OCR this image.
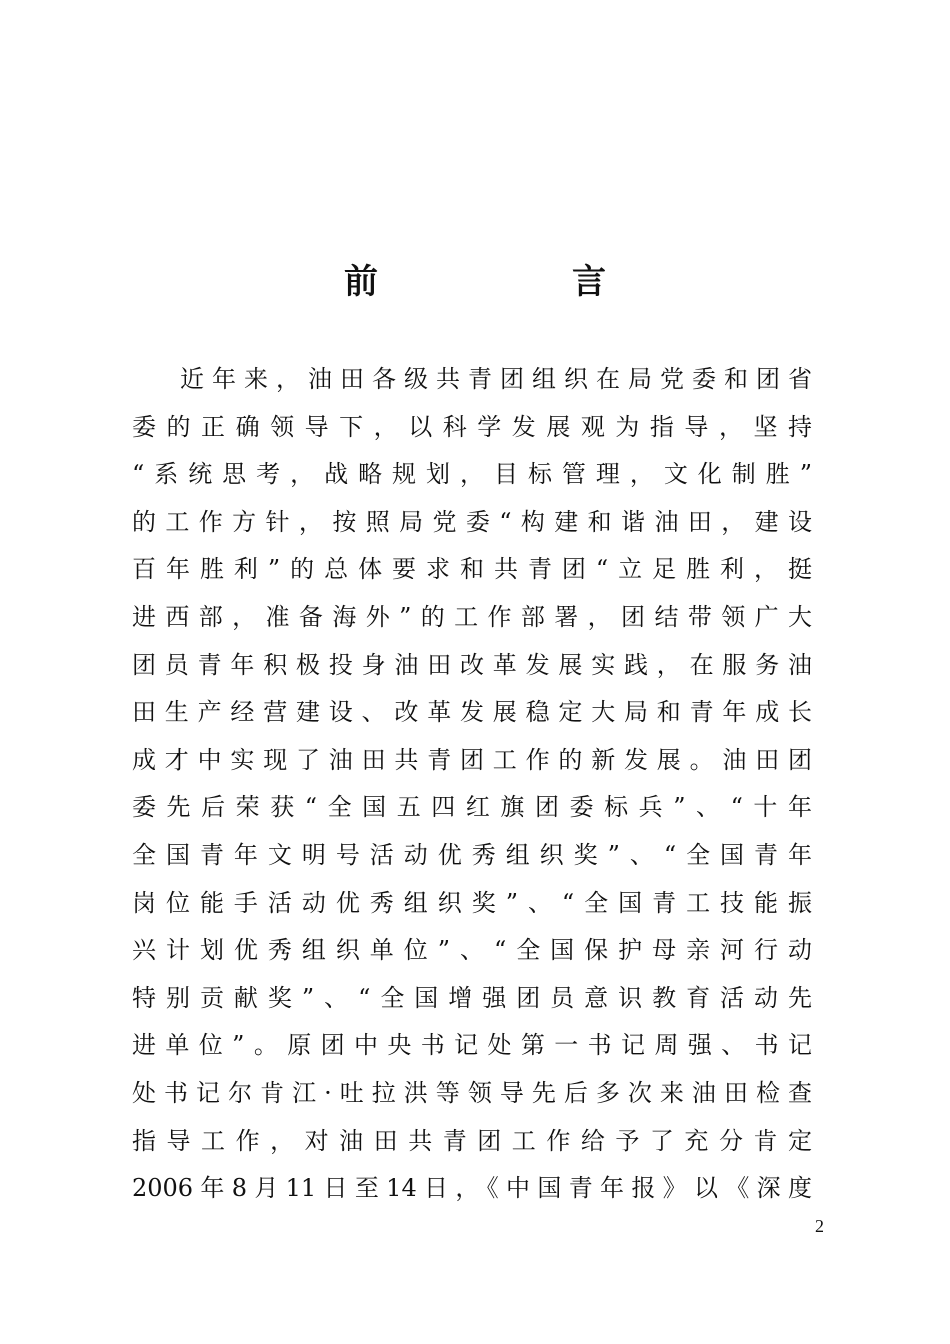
前　言
近年来，油田各级共青团组织在局党委和团省
委的正确领导下，以科学发展观为指导，坚持
“系统思考，战略规划，目标管理，文化制胜”
的工作方针，按照局党委“构建和谐油田，建设
百年胜利”的总体要求和共青团“立足胜利，挺
进西部，准备海外”的工作部署，团结带领广大
团员青年积极投身油田改革发展实践，在服务油
田生产经营建设、改革发展稳定大局和青年成长
成才中实现了油田共青团工作的新发展。油田团
委先后荣获“全国五四红旗团委标兵”、“十年
全国青年文明号活动优秀组织奖”、“全国青年
岗位能手活动优秀组织奖”、“全国青工技能振
兴计划优秀组织单位”、“全国保护母亲河行动
特别贡献奖”、“全国增强团员意识教育活动先
进单位”。原团中央书记处第一书记周强、书记
处书记尔肯江·吐拉洪等领导先后多次来油田检查
指导工作，对油田共青团工作给予了充分肯定
2006年8月11日至14日，《中国青年报》以《深度
2
